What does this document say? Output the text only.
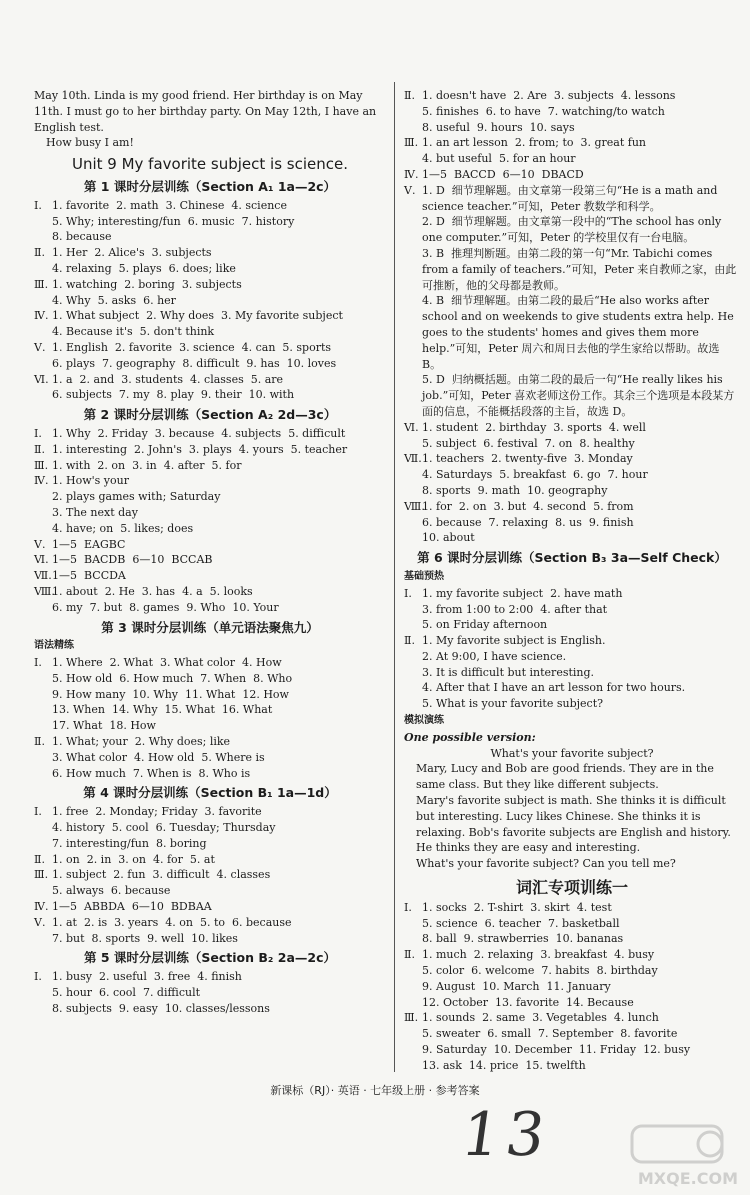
May 10th. Linda is my good friend. Her birthday is on May 11th. I must go to her birthday party. On May 12th, I have an English test.

How busy I am!

Unit 9 My favorite subject is science.
第 1 课时分层训练（Section A₁ 1a—2c）
Ⅰ. 1. favorite  2. math  3. Chinese  4. science
5. Why; interesting/fun  6. music  7. history
8. because
Ⅱ. 1. Her  2. Alice's  3. subjects
4. relaxing  5. plays  6. does; like
Ⅲ. 1. watching  2. boring  3. subjects
4. Why  5. asks  6. her
Ⅳ. 1. What subject  2. Why does  3. My favorite subject
4. Because it's  5. don't think
Ⅴ. 1. English  2. favorite  3. science  4. can  5. sports
6. plays  7. geography  8. difficult  9. has  10. loves
Ⅵ. 1. a  2. and  3. students  4. classes  5. are
6. subjects  7. my  8. play  9. their  10. with
第 2 课时分层训练（Section A₂ 2d—3c）
Ⅰ. 1. Why  2. Friday  3. because  4. subjects  5. difficult
Ⅱ. 1. interesting  2. John's  3. plays  4. yours  5. teacher
Ⅲ. 1. with  2. on  3. in  4. after  5. for
Ⅳ. 1. How's your
2. plays games with; Saturday
3. The next day
4. have; on  5. likes; does
Ⅴ. 1—5  EAGBC
Ⅵ. 1—5  BACDB  6—10  BCCAB
Ⅶ. 1—5  BCCDA
Ⅷ.
1. about  2. He  3. has  4. a  5. looks
6. my  7. but  8. games  9. Who  10. Your
第 3 课时分层训练（单元语法聚焦九）
语法精练
Ⅰ. 1. Where  2. What  3. What color  4. How
5. How old  6. How much  7. When  8. Who
9. How many  10. Why  11. What  12. How
13. When  14. Why  15. What  16. What
17. What  18. How
Ⅱ. 1. What; your  2. Why does; like
3. What color  4. How old  5. Where is
6. How much  7. When is  8. Who is
第 4 课时分层训练（Section B₁ 1a—1d）
Ⅰ. 1. free  2. Monday; Friday  3. favorite
4. history  5. cool  6. Tuesday; Thursday
7. interesting/fun  8. boring
Ⅱ. 1. on  2. in  3. on  4. for  5. at
Ⅲ. 1. subject  2. fun  3. difficult  4. classes
5. always  6. because
Ⅳ. 1—5  ABBDA  6—10  BDBAA
Ⅴ. 1. at  2. is  3. years  4. on  5. to  6. because
7. but  8. sports  9. well  10. likes
第 5 课时分层训练（Section B₂ 2a—2c）
Ⅰ. 1. busy  2. useful  3. free  4. finish
5. hour  6. cool  7. difficult
8. subjects  9. easy  10. classes/lessons
Ⅱ. 1. doesn't have  2. Are  3. subjects  4. lessons
5. finishes  6. to have  7. watching/to watch
8. useful  9. hours  10. says
Ⅲ. 1. an art lesson  2. from; to  3. great fun
4. but useful  5. for an hour
Ⅳ. 1—5  BACCD  6—10  DBACD
Ⅴ. 1. D  细节理解题。由文章第一段第三句“He is a math and science teacher.”可知，Peter 教数学和科学。
2. D  细节理解题。由文章第一段中的“The school has only one computer.”可知，Peter 的学校里仅有一台电脑。
3. B  推理判断题。由第二段的第一句“Mr. Tabichi comes from a family of teachers.”可知，Peter 来自教师之家，由此可推断，他的父母都是教师。
4. B  细节理解题。由第二段的最后“He also works after school and on weekends to give students extra help. He goes to the students' homes and gives them more help.”可知，Peter 周六和周日去他的学生家给以帮助。故选 B。
5. D  归纳概括题。由第二段的最后一句“He really likes his job.”可知，Peter 喜欢老师这份工作。其余三个选项是本段某方面的信息，不能概括段落的主旨，故选 D。
Ⅵ. 1. student  2. birthday  3. sports  4. well
5. subject  6. festival  7. on  8. healthy
Ⅶ. 1. teachers  2. twenty-five  3. Monday
4. Saturdays  5. breakfast  6. go  7. hour
8. sports  9. math  10. geography
Ⅷ.
1. for  2. on  3. but  4. second  5. from
6. because  7. relaxing  8. us  9. finish
10. about
第 6 课时分层训练（Section B₃ 3a—Self Check）
基础预热
Ⅰ. 1. my favorite subject  2. have math
3. from 1:00 to 2:00  4. after that
5. on Friday afternoon
Ⅱ. 1. My favorite subject is English.
2. At 9:00, I have science.
3. It is difficult but interesting.
4. After that I have an art lesson for two hours.
5. What is your favorite subject?
模拟演练
One possible version:
What's your favorite subject?

Mary, Lucy and Bob are good friends. They are in the same class. But they like different subjects.

Mary's favorite subject is math. She thinks it is difficult but interesting. Lucy likes Chinese. She thinks it is relaxing. Bob's favorite subjects are English and history. He thinks they are easy and interesting.

What's your favorite subject? Can you tell me?

词汇专项训练一
Ⅰ. 1. socks  2. T-shirt  3. skirt  4. test
5. science  6. teacher  7. basketball
8. ball  9. strawberries  10. bananas
Ⅱ. 1. much  2. relaxing  3. breakfast  4. busy
5. color  6. welcome  7. habits  8. birthday
9. August  10. March  11. January
12. October  13. favorite  14. Because
Ⅲ. 1. sounds  2. same  3. Vegetables  4. lunch
5. sweater  6. small  7. September  8. favorite
9. Saturday  10. December  11. Friday  12. busy
13. ask  14. price  15. twelfth
新课标（RJ）· 英语 · 七年级上册 · 参考答案
13
MXQE.COM
